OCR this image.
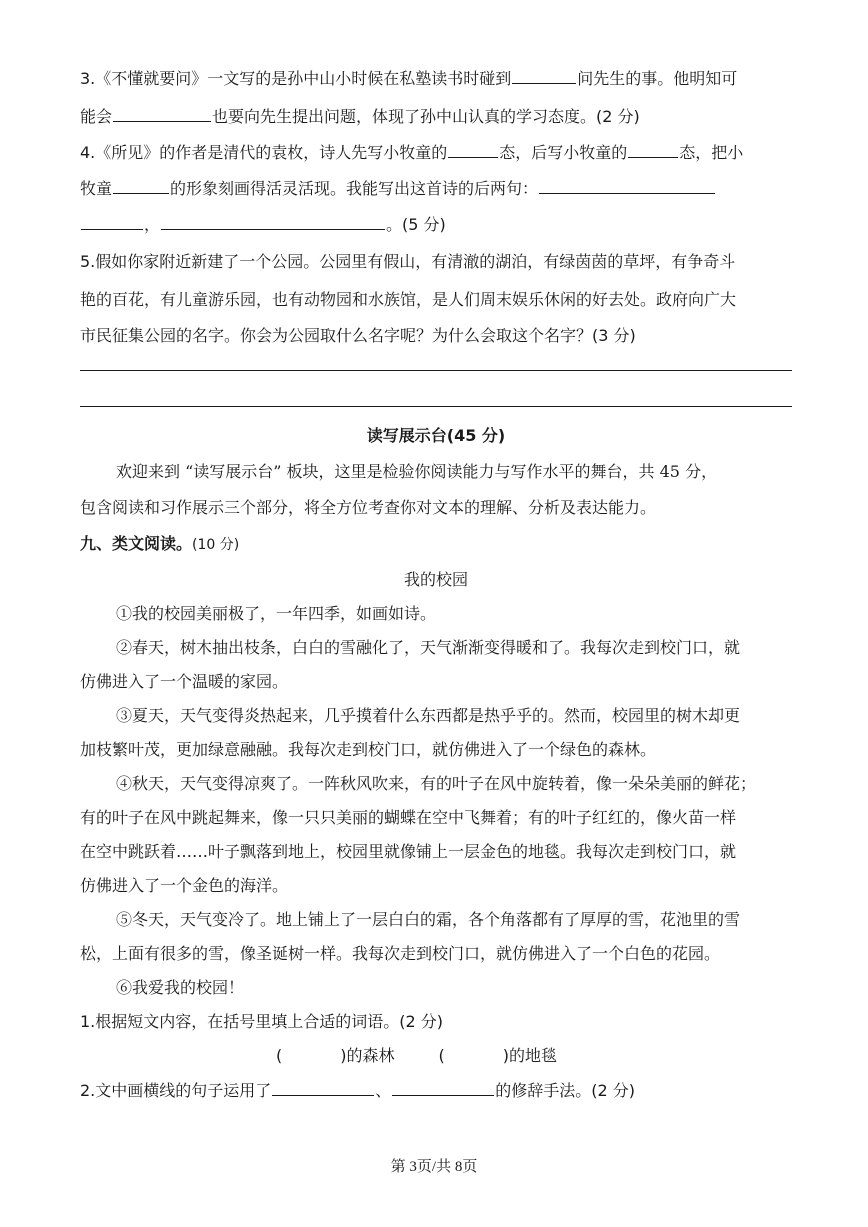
3.《不懂就要问》一文写的是孙中山小时候在私塾读书时碰到	问先生的事。他明知可
能会	也要向先生提出问题，体现了孙中山认真的学习态度。(2 分)
4.《所见》的作者是清代的袁枚，诗人先写小牧童的	态，后写小牧童的	态，把小
牧童	的形象刻画得活灵活现。我能写出这首诗的后两句：
，	。(5 分)
5.假如你家附近新建了一个公园。公园里有假山，有清澈的湖泊，有绿茵茵的草坪，有争奇斗
艳的百花，有儿童游乐园，也有动物园和水族馆，是人们周末娱乐休闲的好去处。政府向广大
市民征集公园的名字。你会为公园取什么名字呢？为什么会取这个名字？(3 分)
读写展示台(45 分)
欢迎来到 “读写展示台” 板块，这里是检验你阅读能力与写作水平的舞台，共 45 分，
包含阅读和习作展示三个部分，将全方位考查你对文本的理解、分析及表达能力。
九、类文阅读。(10 分)
我的校园
①我的校园美丽极了，一年四季，如画如诗。
②春天，树木抽出枝条，白白的雪融化了，天气渐渐变得暖和了。我每次走到校门口，就
仿佛进入了一个温暖的家园。
③夏天，天气变得炎热起来，几乎摸着什么东西都是热乎乎的。然而，校园里的树木却更
加枝繁叶茂，更加绿意融融。我每次走到校门口，就仿佛进入了一个绿色的森林。
④秋天，天气变得凉爽了。一阵秋风吹来，有的叶子在风中旋转着，像一朵朵美丽的鲜花；
有的叶子在风中跳起舞来，像一只只美丽的蝴蝶在空中飞舞着；有的叶子红红的，像火苗一样
在空中跳跃着……叶子飘落到地上，校园里就像铺上一层金色的地毯。我每次走到校门口，就
仿佛进入了一个金色的海洋。
⑤冬天，天气变冷了。地上铺上了一层白白的霜，各个角落都有了厚厚的雪，花池里的雪
松，上面有很多的雪，像圣诞树一样。我每次走到校门口，就仿佛进入了一个白色的花园。
⑥我爱我的校园！
1.根据短文内容，在括号里填上合适的词语。(2 分)
(	)的森林	(	)的地毯
2.文中画横线的句子运用了	、	的修辞手法。(2 分)
第 3页/共 8页
